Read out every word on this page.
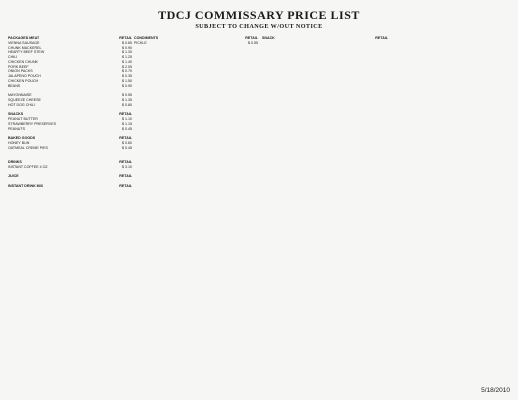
TDCJ COMMISSARY PRICE LIST
SUBJECT TO CHANGE W/OUT NOTICE
PACKAGED MEAT	RETAIL
VIENNA SAUSAGE	$ 0.65
CHUNK MACKEREL	$ 0.90
HEARTY BEEF STEW	$ 1.30
CHILI	$ 1.25
CHICKEN CHUNK	$ 1.40
PORK BEEF	$ 2.05
ONION PACKS	$ 0.70
JALAPENO POUCH	$ 0.35
CHICKEN POUCH	$ 1.50
BEANS	$ 0.90
MAYONNAISE	$ 0.55
SQUEEZE CHEESE	$ 1.35
HOT DOG CHILI	$ 0.80
SNACKS	RETAIL
PEANUT BUTTER	$ 1.10
STRAWBERRY PRESERVES	$ 1.15
PEANUTS	$ 0.45
BAKED GOODS	RETAIL
HONEY BUN	$ 0.60
OATMEAL CREME PIES	$ 0.45
DRINKS	RETAIL
INSTANT COFFEE 4 OZ	$ 3.10
JUICE	RETAIL
INSTANT DRINK MIX	RETAIL
CONDIMENTS	RETAIL
PICKLE	$ 0.55
SNACK	RETAIL
5/18/2010
